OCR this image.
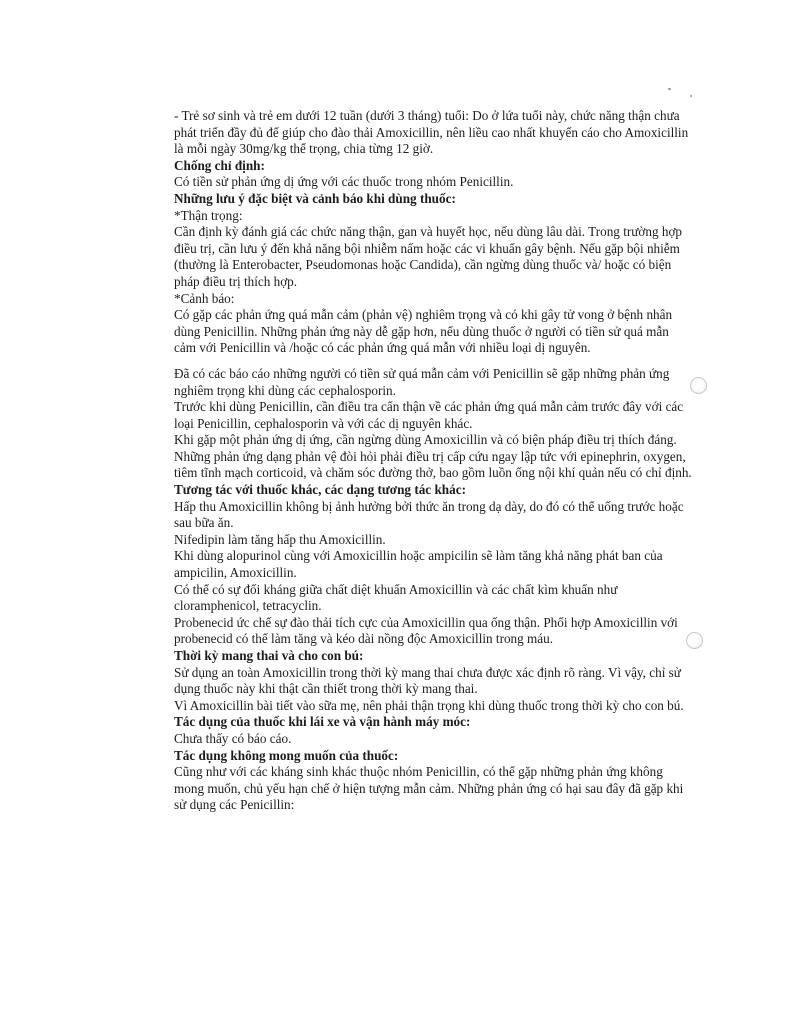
- Trẻ sơ sinh và trẻ em dưới 12 tuần (dưới 3 tháng) tuổi: Do ở lứa tuổi này, chức năng thận chưa phát triển đầy đủ để giúp cho đào thải Amoxicillin, nên liều cao nhất khuyến cáo cho Amoxicillin là mỗi ngày 30mg/kg thể trọng, chia từng 12 giờ.

Chống chỉ định:

Có tiền sử phản ứng dị ứng với các thuốc trong nhóm Penicillin.

Những lưu ý đặc biệt và cảnh báo khi dùng thuốc:

*Thận trọng:

Cần định kỳ đánh giá các chức năng thận, gan và huyết học, nếu dùng lâu dài. Trong trường hợp điều trị, cần lưu ý đến khả năng bội nhiễm nấm hoặc các vi khuẩn gây bệnh. Nếu gặp bội nhiễm (thường là Enterobacter, Pseudomonas hoặc Candida), cần ngừng dùng thuốc và/ hoặc có biện pháp điều trị thích hợp.

*Cảnh báo:

Có gặp các phản ứng quá mẫn cảm (phản vệ) nghiêm trọng và có khi gây tử vong ở bệnh nhân dùng Penicillin. Những phản ứng này dễ gặp hơn, nếu dùng thuốc ở người có tiền sử quá mẫn cảm với Penicillin và /hoặc có các phản ứng quá mẫn với nhiều loại dị nguyên.

Đã có các báo cáo những người có tiền sử quá mẫn cảm với Penicillin sẽ gặp những phản ứng nghiêm trọng khi dùng các cephalosporin.

Trước khi dùng Penicillin, cần điều tra cẩn thận về các phản ứng quá mẫn cảm trước đây với các loại Penicillin, cephalosporin và với các dị nguyên khác.

Khi gặp một phản ứng dị ứng, cần ngừng dùng Amoxicillin và có biện pháp điều trị thích đáng. Những phản ứng dạng phản vệ đòi hỏi phải điều trị cấp cứu ngay lập tức với epinephrin, oxygen, tiêm tĩnh mạch corticoid, và chăm sóc đường thở, bao gồm luồn ống nội khí quản nếu có chỉ định.

Tương tác với thuốc khác, các dạng tương tác khác:

Hấp thu Amoxicillin không bị ảnh hưởng bởi thức ăn trong dạ dày, do đó có thể uống trước hoặc sau bữa ăn.

Nifedipin làm tăng hấp thu Amoxicillin.

Khi dùng alopurinol cùng với Amoxicillin hoặc ampicilin sẽ làm tăng khả năng phát ban của ampicilin, Amoxicillin.

Có thể có sự đối kháng giữa chất diệt khuẩn Amoxicillin và các chất kìm khuẩn như cloramphenicol, tetracyclin.

Probenecid ức chế sự đào thải tích cực của Amoxicillin qua ống thận. Phối hợp Amoxicillin với probenecid có thể làm tăng và kéo dài nồng độc Amoxicillin trong máu.

Thời kỳ mang thai và cho con bú:

Sử dụng an toàn Amoxicillin trong thời kỳ mang thai chưa được xác định rõ ràng. Vì vậy, chỉ sử dụng thuốc này khi thật cần thiết trong thời kỳ mang thai.

Vì Amoxicillin bài tiết vào sữa mẹ, nên phải thận trọng khi dùng thuốc trong thời kỳ cho con bú.

Tác dụng của thuốc khi lái xe và vận hành máy móc:

Chưa thấy có báo cáo.

Tác dụng không mong muốn của thuốc:

Cũng như với các kháng sinh khác thuộc nhóm Penicillin, có thể gặp những phản ứng không mong muốn, chủ yếu hạn chế ở hiện tượng mẫn cảm. Những phản ứng có hại sau đây đã gặp khi sử dụng các Penicillin:
